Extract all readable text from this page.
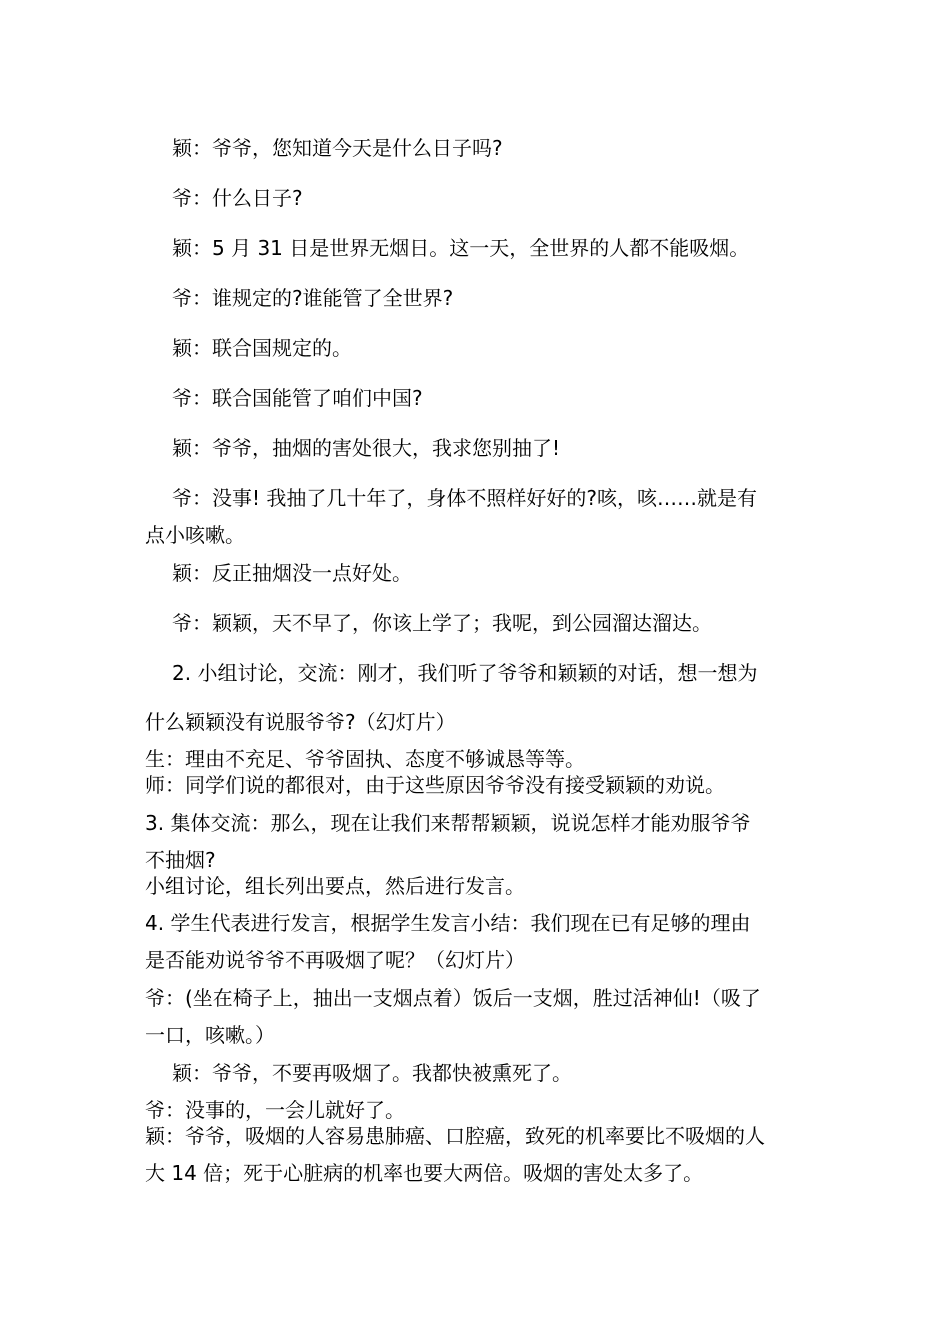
颖：爷爷，您知道今天是什么日子吗?
爷：什么日子?
颖：5 月 31 日是世界无烟日。这一天，全世界的人都不能吸烟。
爷：谁规定的?谁能管了全世界?
颖：联合国规定的。
爷：联合国能管了咱们中国?
颖：爷爷，抽烟的害处很大，我求您别抽了!
爷：没事! 我抽了几十年了，身体不照样好好的?咳，咳……就是有
点小咳嗽。
颖：反正抽烟没一点好处。
爷：颖颖，天不早了，你该上学了；我呢，到公园溜达溜达。
2. 小组讨论，交流：刚才，我们听了爷爷和颖颖的对话，想一想为
什么颖颖没有说服爷爷?（幻灯片）
生：理由不充足、爷爷固执、态度不够诚恳等等。
师：同学们说的都很对，由于这些原因爷爷没有接受颖颖的劝说。
3. 集体交流：那么，现在让我们来帮帮颖颖，说说怎样才能劝服爷爷
不抽烟?
小组讨论，组长列出要点，然后进行发言。
4. 学生代表进行发言，根据学生发言小结：我们现在已有足够的理由
是否能劝说爷爷不再吸烟了呢？（幻灯片）
爷：(坐在椅子上，抽出一支烟点着）饭后一支烟，胜过活神仙!（吸了
一口，咳嗽。）
颖：爷爷，不要再吸烟了。我都快被熏死了。
爷：没事的，一会儿就好了。
颖：爷爷，吸烟的人容易患肺癌、口腔癌，致死的机率要比不吸烟的人
大 14 倍；死于心脏病的机率也要大两倍。吸烟的害处太多了。
